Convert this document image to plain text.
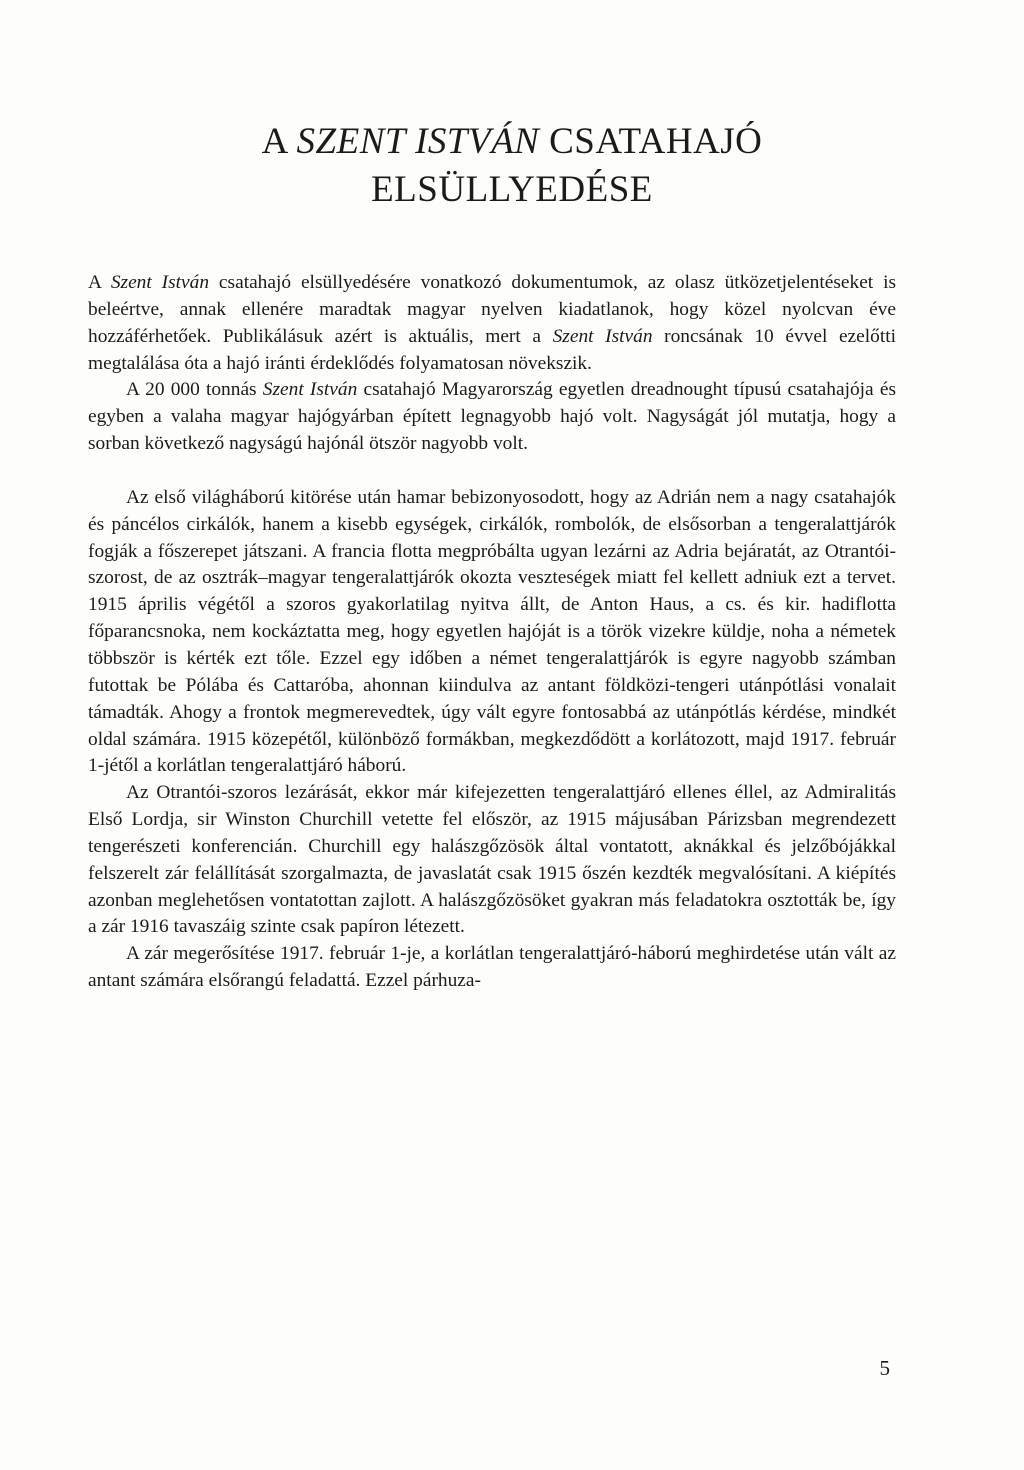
A SZENT ISTVÁN CSATAHAJÓ
ELSÜLLYEDÉSE

A Szent István csatahajó elsüllyedésére vonatkozó dokumentumok, az olasz ütközetjelentéseket is beleértve, annak ellenére maradtak magyar nyelven kiadatlanok, hogy közel nyolcvan éve hozzáférhetőek. Publikálásuk azért is aktuális, mert a Szent István roncsának 10 évvel ezelőtti megtalálása óta a hajó iránti érdeklődés folyamatosan növekszik.

A 20 000 tonnás Szent István csatahajó Magyarország egyetlen dreadnought típusú csatahajója és egyben a valaha magyar hajógyárban épített legnagyobb hajó volt. Nagyságát jól mutatja, hogy a sorban következő nagyságú hajónál ötször nagyobb volt.

Az első világháború kitörése után hamar bebizonyosodott, hogy az Adrián nem a nagy csatahajók és páncélos cirkálók, hanem a kisebb egységek, cirkálók, rombolók, de elsősorban a tengeralattjárók fogják a főszerepet játszani. A francia flotta megpróbálta ugyan lezárni az Adria bejáratát, az Otrantói-szorost, de az osztrák–magyar tengeralattjárók okozta veszteségek miatt fel kellett adniuk ezt a tervet. 1915 április végétől a szoros gyakorlatilag nyitva állt, de Anton Haus, a cs. és kir. hadiflotta főparancsnoka, nem kockáztatta meg, hogy egyetlen hajóját is a török vizekre küldje, noha a németek többször is kérték ezt tőle. Ezzel egy időben a német tengeralattjárók is egyre nagyobb számban futottak be Pólába és Cattaróba, ahonnan kiindulva az antant földközi-tengeri utánpótlási vonalait támadták. Ahogy a frontok megmerevedtek, úgy vált egyre fontosabbá az utánpótlás kérdése, mindkét oldal számára. 1915 közepétől, különböző formákban, megkezdődött a korlátozott, majd 1917. február 1-jétől a korlátlan tengeralattjáró háború.

Az Otrantói-szoros lezárását, ekkor már kifejezetten tengeralattjáró ellenes éllel, az Admiralitás Első Lordja, sir Winston Churchill vetette fel először, az 1915 májusában Párizsban megrendezett tengerészeti konferencián. Churchill egy halászgőzösök által vontatott, aknákkal és jelzőbójákkal felszerelt zár felállítását szorgalmazta, de javaslatát csak 1915 őszén kezdték megvalósítani. A kiépítés azonban meglehetősen vontatottan zajlott. A halászgőzösöket gyakran más feladatokra osztották be, így a zár 1916 tavaszáig szinte csak papíron létezett.

A zár megerősítése 1917. február 1-je, a korlátlan tengeralattjáró-háború meghirdetése után vált az antant számára elsőrangú feladattá. Ezzel párhuza-

5
